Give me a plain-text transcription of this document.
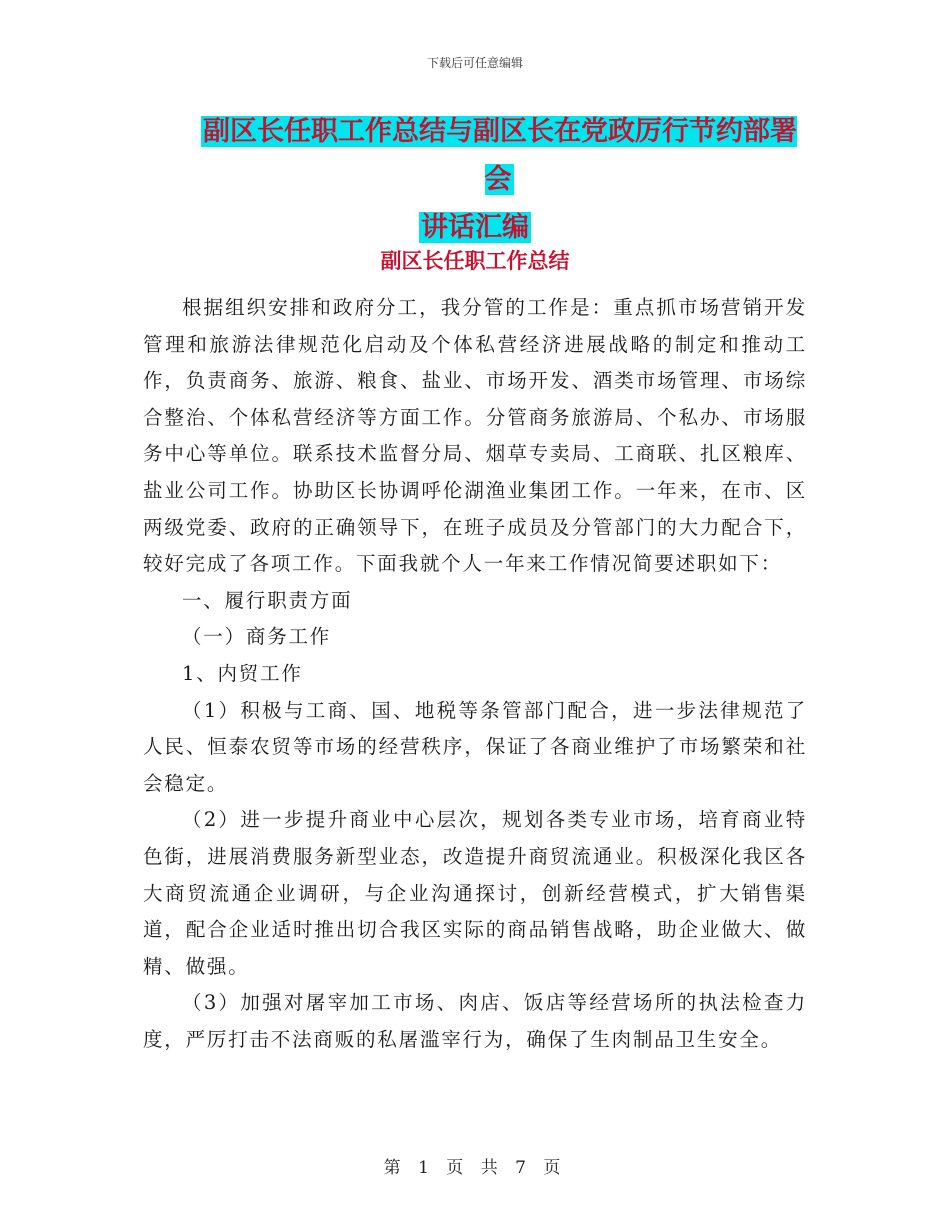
下载后可任意编辑
副区长任职工作总结与副区长在党政厉行节约部署会
讲话汇编
副区长任职工作总结

根据组织安排和政府分工，我分管的工作是：重点抓市场营销开发管理和旅游法律规范化启动及个体私营经济进展战略的制定和推动工作，负责商务、旅游、粮食、盐业、市场开发、酒类市场管理、市场综合整治、个体私营经济等方面工作。分管商务旅游局、个私办、市场服务中心等单位。联系技术监督分局、烟草专卖局、工商联、扎区粮库、盐业公司工作。协助区长协调呼伦湖渔业集团工作。一年来，在市、区两级党委、政府的正确领导下，在班子成员及分管部门的大力配合下，较好完成了各项工作。下面我就个人一年来工作情况简要述职如下：

一、履行职责方面

（一）商务工作

1、内贸工作

（1）积极与工商、国、地税等条管部门配合，进一步法律规范了人民、恒泰农贸等市场的经营秩序，保证了各商业维护了市场繁荣和社会稳定。

（2）进一步提升商业中心层次，规划各类专业市场，培育商业特色街，进展消费服务新型业态，改造提升商贸流通业。积极深化我区各大商贸流通企业调研，与企业沟通探讨，创新经营模式，扩大销售渠道，配合企业适时推出切合我区实际的商品销售战略，助企业做大、做精、做强。

（3）加强对屠宰加工市场、肉店、饭店等经营场所的执法检查力度，严厉打击不法商贩的私屠滥宰行为，确保了生肉制品卫生安全。

第 1 页 共 7 页
